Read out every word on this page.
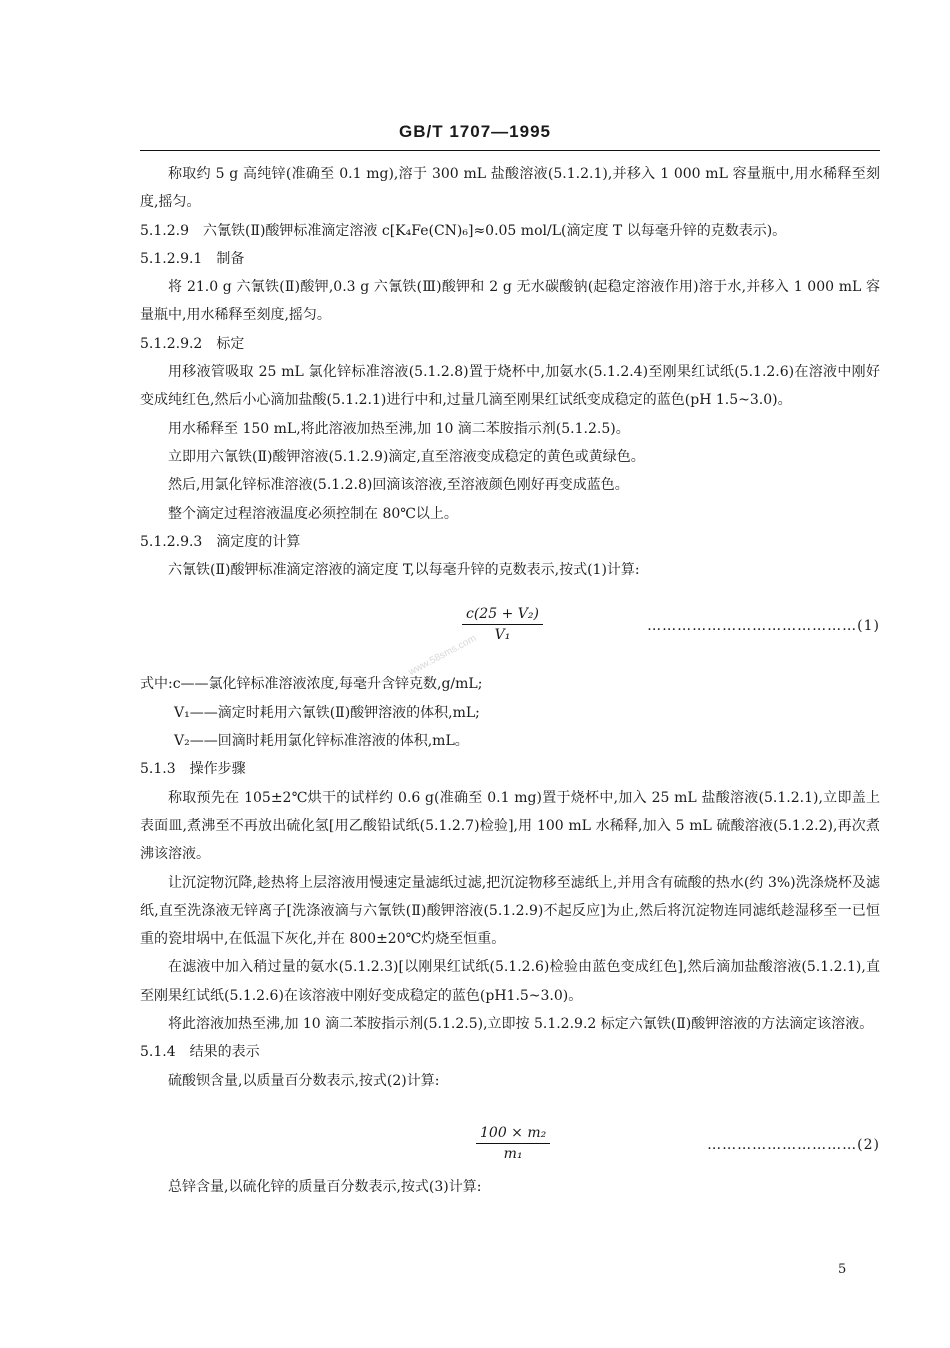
GB/T 1707—1995
www.58sms.com

称取约 5 g 高纯锌(准确至 0.1 mg),溶于 300 mL 盐酸溶液(5.1.2.1),并移入 1 000 mL 容量瓶中,用水稀释至刻度,摇匀。

5.1.2.9 六氰铁(Ⅱ)酸钾标准滴定溶液 c[K₄Fe(CN)₆]≈0.05 mol/L(滴定度 T 以每毫升锌的克数表示)。

5.1.2.9.1 制备

将 21.0 g 六氰铁(Ⅱ)酸钾,0.3 g 六氰铁(Ⅲ)酸钾和 2 g 无水碳酸钠(起稳定溶液作用)溶于水,并移入 1 000 mL 容量瓶中,用水稀释至刻度,摇匀。

5.1.2.9.2 标定

用移液管吸取 25 mL 氯化锌标准溶液(5.1.2.8)置于烧杯中,加氨水(5.1.2.4)至刚果红试纸(5.1.2.6)在溶液中刚好变成纯红色,然后小心滴加盐酸(5.1.2.1)进行中和,过量几滴至刚果红试纸变成稳定的蓝色(pH 1.5~3.0)。

用水稀释至 150 mL,将此溶液加热至沸,加 10 滴二苯胺指示剂(5.1.2.5)。

立即用六氰铁(Ⅱ)酸钾溶液(5.1.2.9)滴定,直至溶液变成稳定的黄色或黄绿色。

然后,用氯化锌标准溶液(5.1.2.8)回滴该溶液,至溶液颜色刚好再变成蓝色。

整个滴定过程溶液温度必须控制在 80℃以上。

5.1.2.9.3 滴定度的计算

六氰铁(Ⅱ)酸钾标准滴定溶液的滴定度 T,以每毫升锌的克数表示,按式(1)计算:

c(25 + V₂)
V₁
……………………………………(1)

式中:c——氯化锌标准溶液浓度,每毫升含锌克数,g/mL;

V₁——滴定时耗用六氰铁(Ⅱ)酸钾溶液的体积,mL;

V₂——回滴时耗用氯化锌标准溶液的体积,mL。

5.1.3 操作步骤

称取预先在 105±2℃烘干的试样约 0.6 g(准确至 0.1 mg)置于烧杯中,加入 25 mL 盐酸溶液(5.1.2.1),立即盖上表面皿,煮沸至不再放出硫化氢[用乙酸铅试纸(5.1.2.7)检验],用 100 mL 水稀释,加入 5 mL 硫酸溶液(5.1.2.2),再次煮沸该溶液。

让沉淀物沉降,趁热将上层溶液用慢速定量滤纸过滤,把沉淀物移至滤纸上,并用含有硫酸的热水(约 3%)洗涤烧杯及滤纸,直至洗涤液无锌离子[洗涤液滴与六氰铁(Ⅱ)酸钾溶液(5.1.2.9)不起反应]为止,然后将沉淀物连同滤纸趁湿移至一已恒重的瓷坩埚中,在低温下灰化,并在 800±20℃灼烧至恒重。

在滤液中加入稍过量的氨水(5.1.2.3)[以刚果红试纸(5.1.2.6)检验由蓝色变成红色],然后滴加盐酸溶液(5.1.2.1),直至刚果红试纸(5.1.2.6)在该溶液中刚好变成稳定的蓝色(pH1.5~3.0)。

将此溶液加热至沸,加 10 滴二苯胺指示剂(5.1.2.5),立即按 5.1.2.9.2 标定六氰铁(Ⅱ)酸钾溶液的方法滴定该溶液。

5.1.4 结果的表示

硫酸钡含量,以质量百分数表示,按式(2)计算:

100 × m₂
m₁
…………………………(2)

总锌含量,以硫化锌的质量百分数表示,按式(3)计算:

5
